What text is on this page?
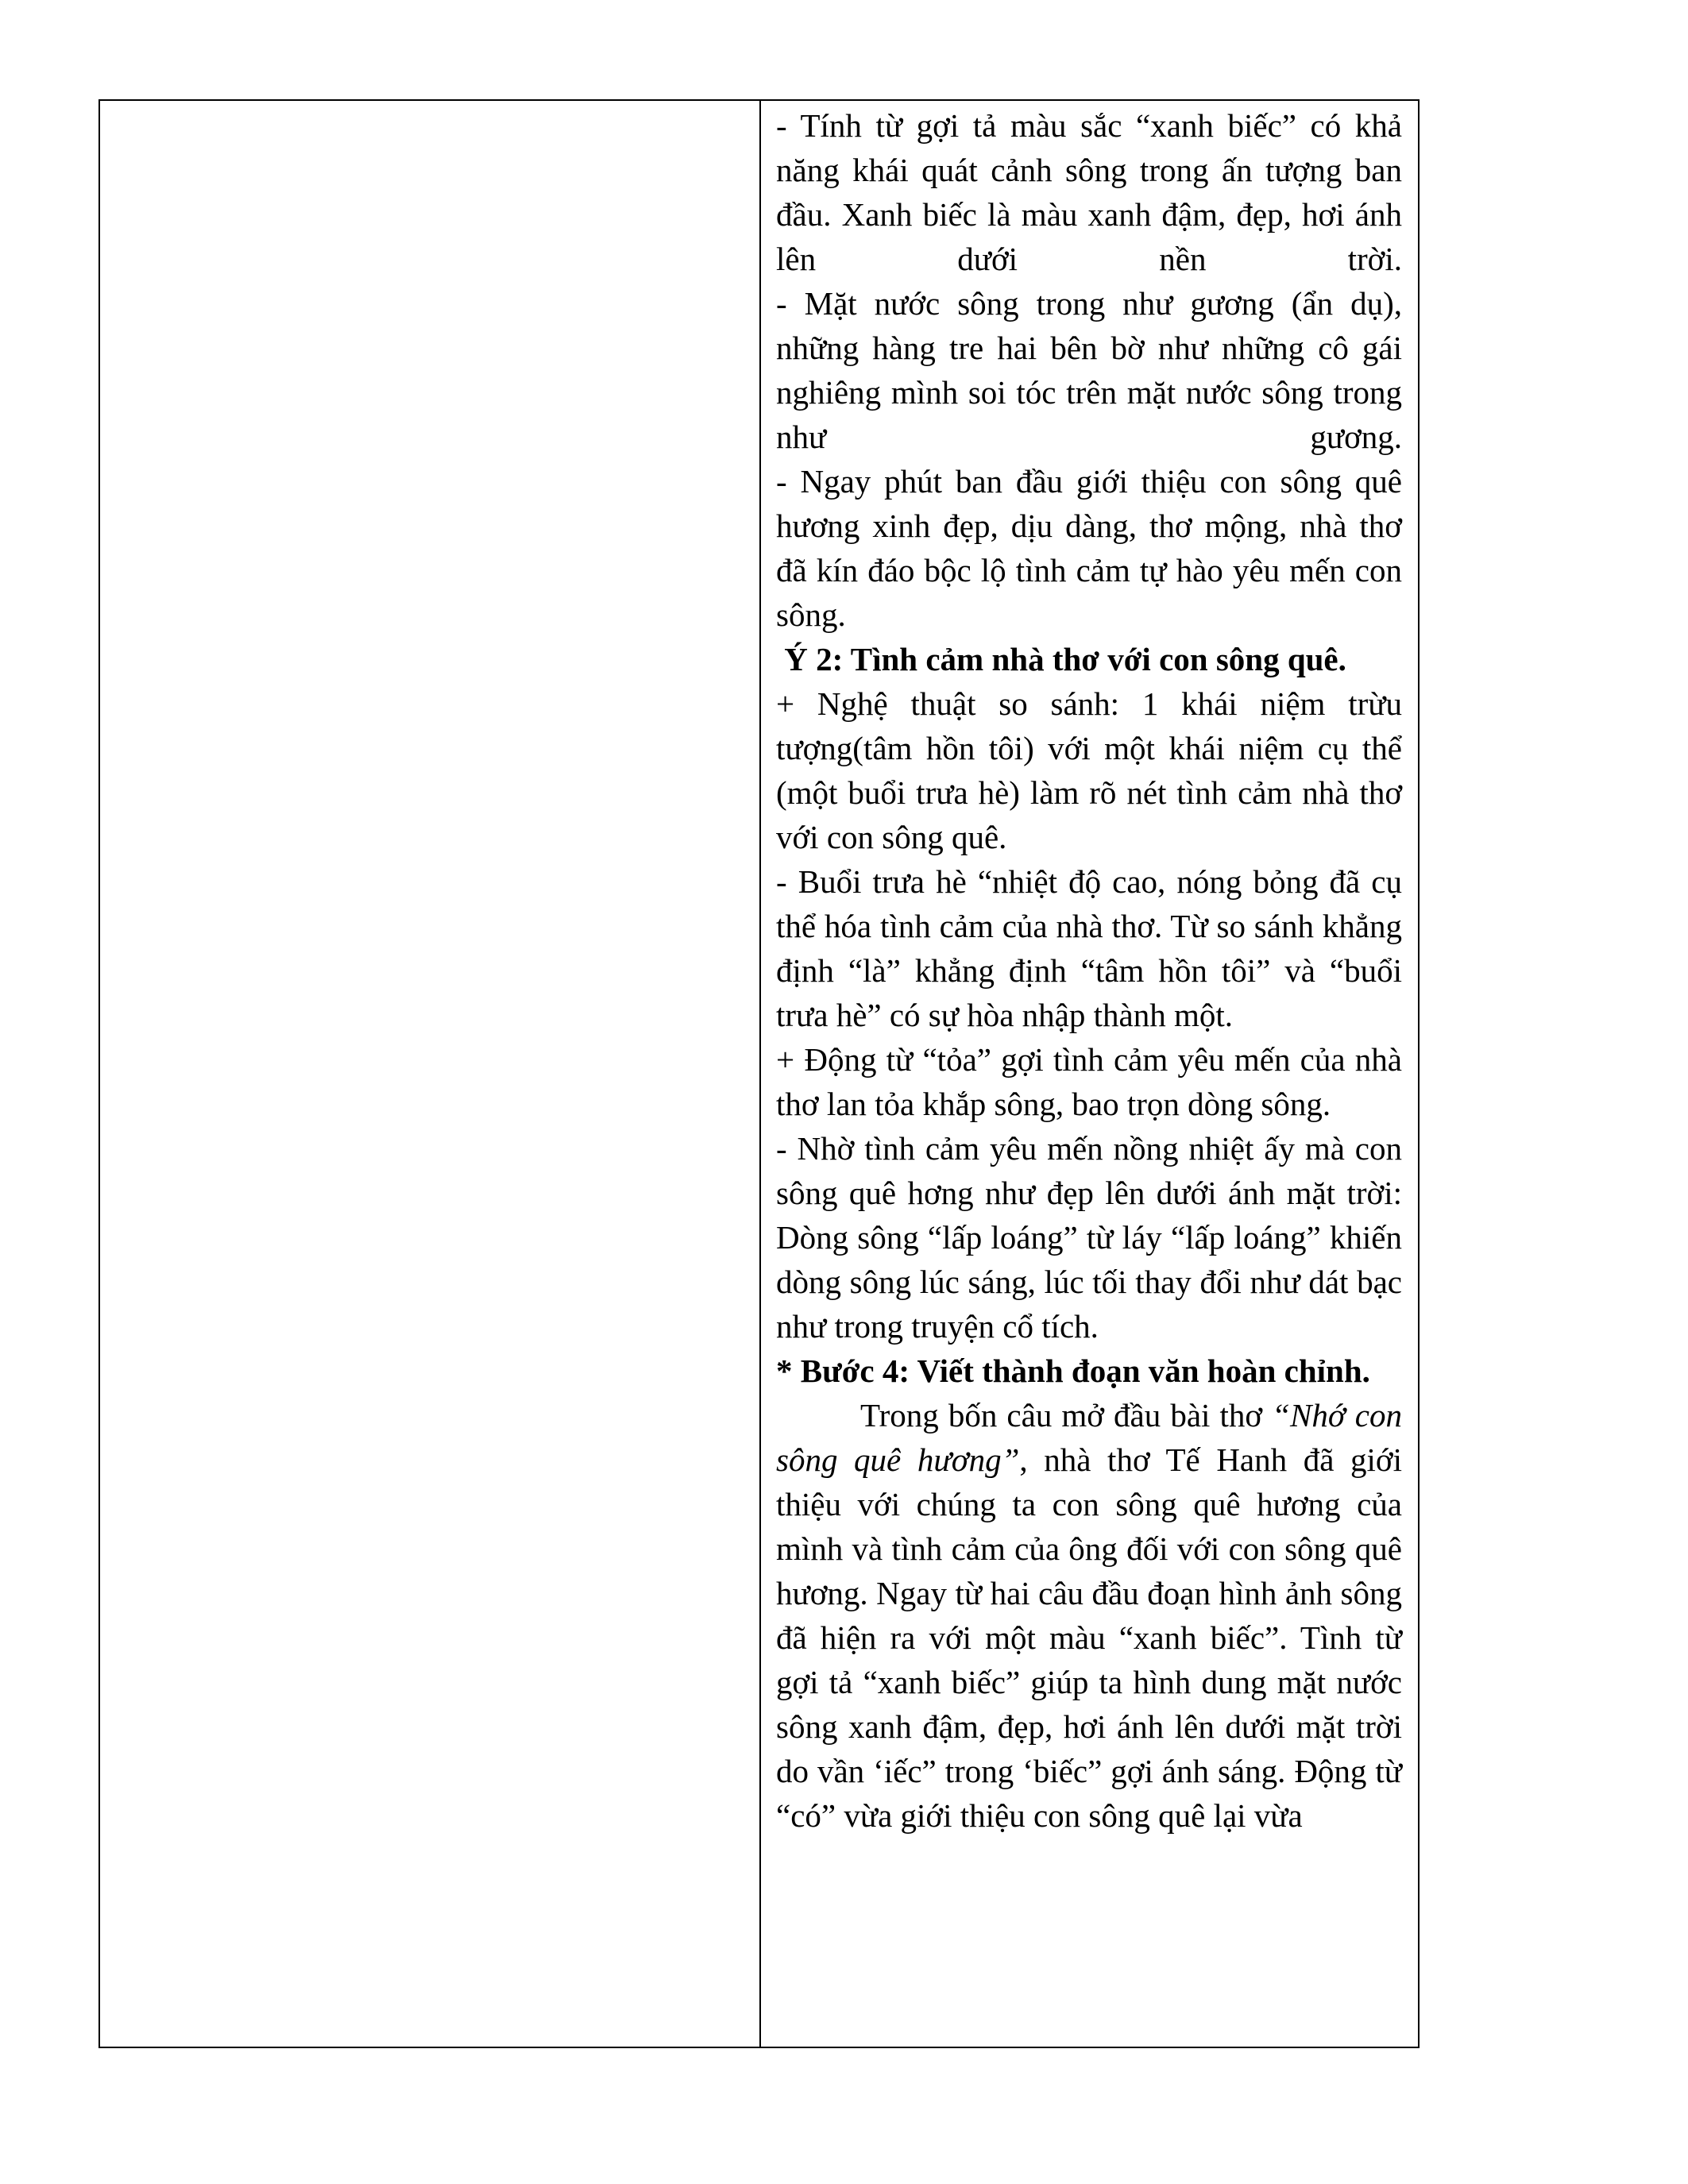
- Tính từ gợi tả màu sắc “xanh biếc” có khả năng khái quát cảnh sông trong ấn tượng ban đầu. Xanh biếc là màu xanh đậm, đẹp, hơi ánh lên dưới nền trời.

- Mặt nước sông trong như gương (ẩn dụ), những hàng tre hai bên bờ như những cô gái nghiêng mình soi tóc trên mặt nước sông trong như gương.

- Ngay phút ban đầu giới thiệu con sông quê hương xinh đẹp, dịu dàng, thơ mộng, nhà thơ đã kín đáo bộc lộ tình cảm tự hào yêu mến con sông.

Ý 2: Tình cảm nhà thơ với con sông quê.

+ Nghệ thuật so sánh: 1 khái niệm trừu tượng(tâm hồn tôi) với một khái niệm cụ thể (một buổi trưa hè) làm rõ nét tình cảm nhà thơ với con sông quê.

- Buổi trưa hè “nhiệt độ cao, nóng bỏng đã cụ thể hóa tình cảm của nhà thơ. Từ so sánh khẳng định “là” khẳng định “tâm hồn tôi” và “buổi trưa hè” có sự hòa nhập thành một.

+ Động từ “tỏa” gợi tình cảm yêu mến của nhà thơ lan tỏa khắp sông, bao trọn dòng sông.

- Nhờ tình cảm yêu mến nồng nhiệt ấy mà con sông quê hơng như đẹp lên dưới ánh mặt trời: Dòng sông “lấp loáng” từ láy “lấp loáng” khiến dòng sông lúc sáng, lúc tối thay đổi như dát bạc như trong truyện cổ tích.

* Bước 4: Viết thành đoạn văn hoàn chỉnh.

Trong bốn câu mở đầu bài thơ “Nhớ con sông quê hương”, nhà thơ Tế Hanh đã giới thiệu với chúng ta con sông quê hương của mình và tình cảm của ông đối với con sông quê hương. Ngay từ hai câu đầu đoạn hình ảnh sông đã hiện ra với một màu “xanh biếc”. Tình từ gợi tả “xanh biếc” giúp ta hình dung mặt nước sông xanh đậm, đẹp, hơi ánh lên dưới mặt trời do vần ‘iếc” trong ‘biếc” gợi ánh sáng. Động từ “có” vừa giới thiệu con sông quê lại vừa
